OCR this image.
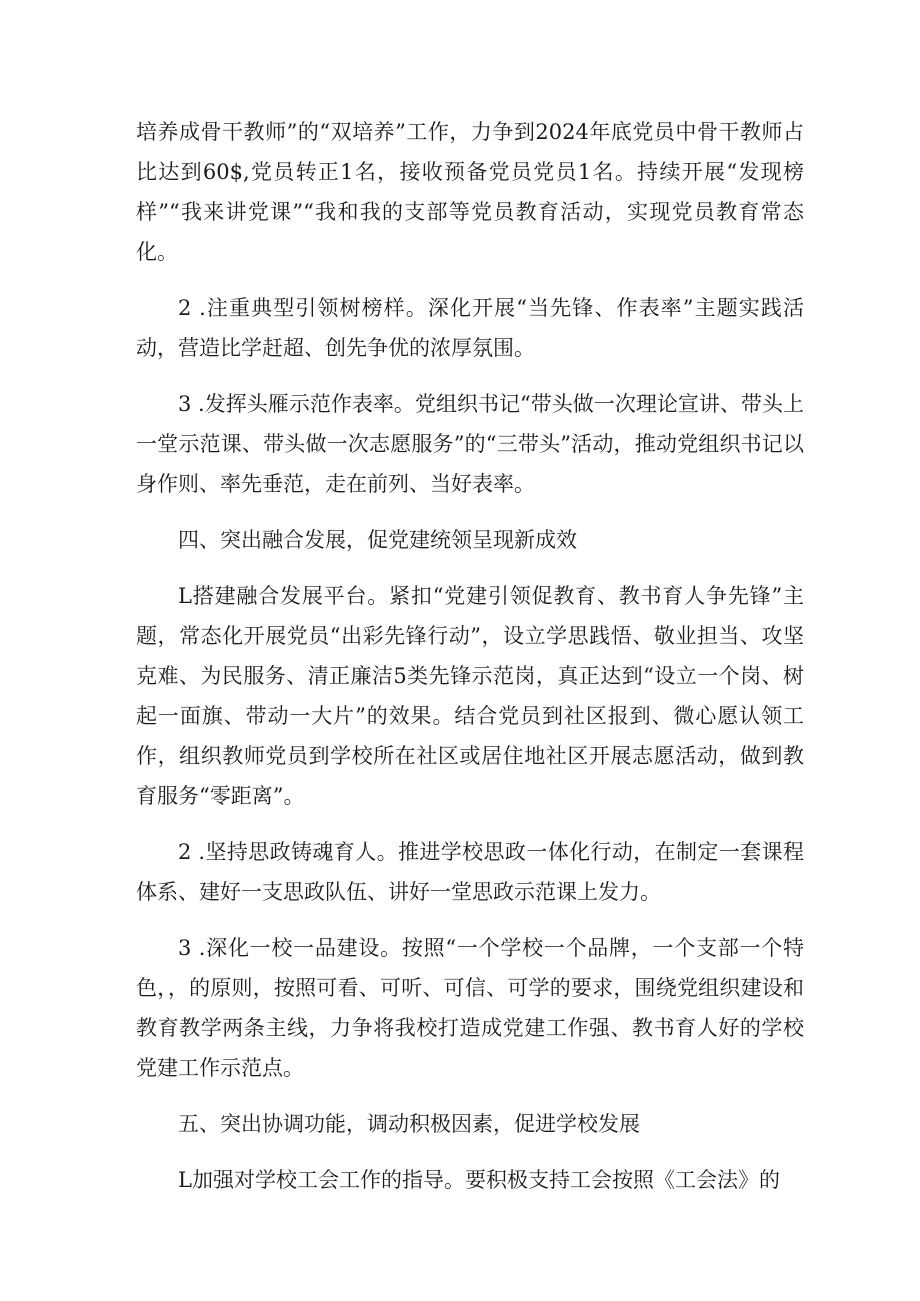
培养成骨干教师”的“双培养”工作，力争到2024年底党员中骨干教师占比达到60$,党员转正1名，接收预备党员党员1名。持续开展“发现榜样”“我来讲党课”“我和我的支部等党员教育活动，实现党员教育常态化。

2 .注重典型引领树榜样。深化开展“当先锋、作表率”主题实践活动，营造比学赶超、创先争优的浓厚氛围。

3 .发挥头雁示范作表率。党组织书记“带头做一次理论宣讲、带头上一堂示范课、带头做一次志愿服务”的“三带头”活动，推动党组织书记以身作则、率先垂范，走在前列、当好表率。

四、突出融合发展，促党建统领呈现新成效

L搭建融合发展平台。紧扣“党建引领促教育、教书育人争先锋”主题，常态化开展党员“出彩先锋行动”，设立学思践悟、敬业担当、攻坚克难、为民服务、清正廉洁5类先锋示范岗，真正达到“设立一个岗、树起一面旗、带动一大片”的效果。结合党员到社区报到、微心愿认领工作，组织教师党员到学校所在社区或居住地社区开展志愿活动，做到教育服务“零距离”。

2 .坚持思政铸魂育人。推进学校思政一体化行动，在制定一套课程体系、建好一支思政队伍、讲好一堂思政示范课上发力。

3 .深化一校一品建设。按照“一个学校一个品牌，一个支部一个特色，，的原则，按照可看、可听、可信、可学的要求，围绕党组织建设和教育教学两条主线，力争将我校打造成党建工作强、教书育人好的学校党建工作示范点。

五、突出协调功能，调动积极因素，促进学校发展

L加强对学校工会工作的指导。要积极支持工会按照《工会法》的
